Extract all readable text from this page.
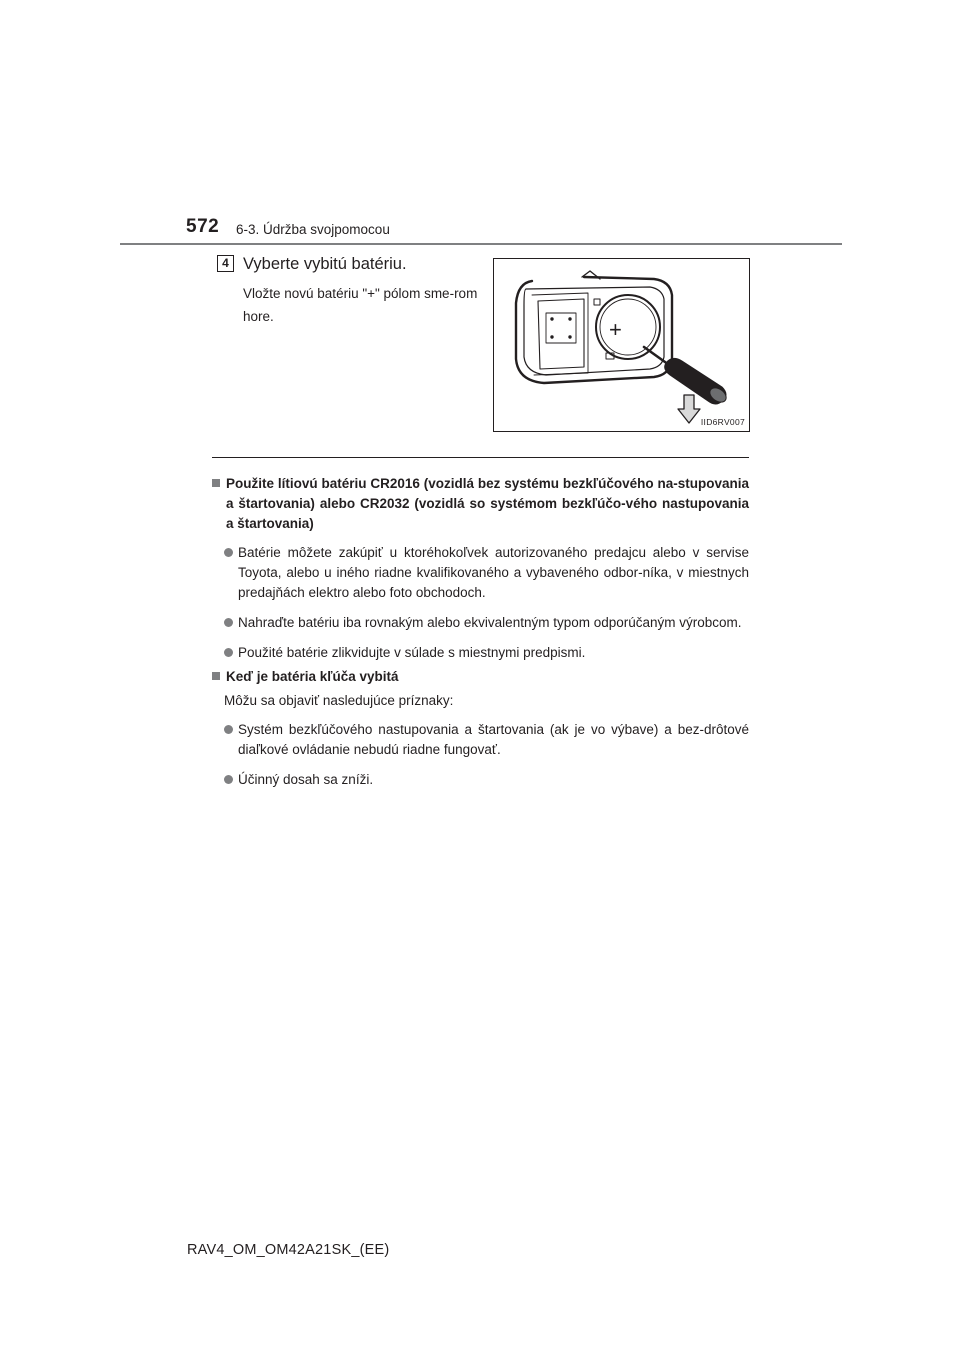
572 6-3. Údržba svojpomocou
4 Vyberte vybitú batériu.
Vložte novú batériu "+" pólom sme-rom hore.
+
IID6RV007
Použite lítiovú batériu CR2016 (vozidlá bez systému bezkľúčového na-stupovania a štartovania) alebo CR2032 (vozidlá so systémom bezkľúčo-vého nastupovania a štartovania)
Batérie môžete zakúpiť u ktoréhokoľvek autorizovaného predajcu alebo v servise Toyota, alebo u iného riadne kvalifikovaného a vybaveného odbor-níka, v miestnych predajňách elektro alebo foto obchodoch.
Nahraďte batériu iba rovnakým alebo ekvivalentným typom odporúčaným výrobcom.
Použité batérie zlikvidujte v súlade s miestnymi predpismi.
Keď je batéria kľúča vybitá
Môžu sa objaviť nasledujúce príznaky:
Systém bezkľúčového nastupovania a štartovania (ak je vo výbave) a bez-drôtové diaľkové ovládanie nebudú riadne fungovať.
Účinný dosah sa zníži.
RAV4_OM_OM42A21SK_(EE)
